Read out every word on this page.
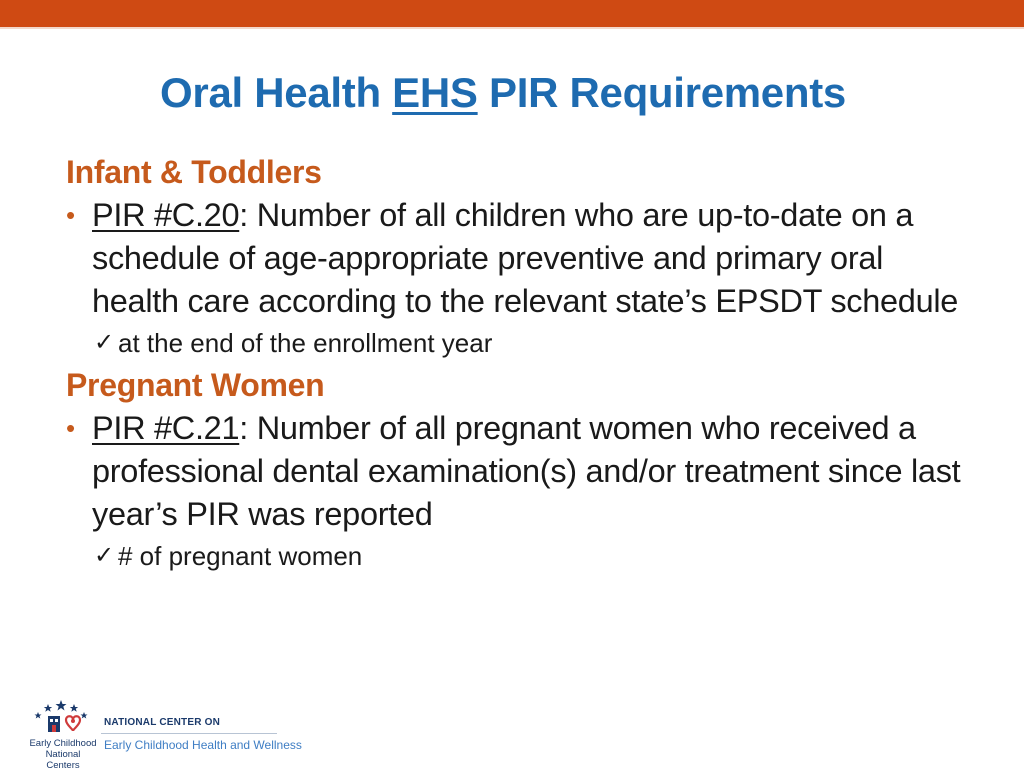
Oral Health EHS PIR Requirements
Infant & Toddlers
• PIR #C.20: Number of all children who are up-to-date on a schedule of age-appropriate preventive and primary oral health care according to the relevant state’s EPSDT schedule
✓ at the end of the enrollment year
Pregnant Women
• PIR #C.21: Number of all pregnant women who received a professional dental examination(s) and/or treatment since last year’s PIR was reported
✓ # of pregnant women
Early Childhood
National Centers
NATIONAL CENTER ON
Early Childhood Health and Wellness
